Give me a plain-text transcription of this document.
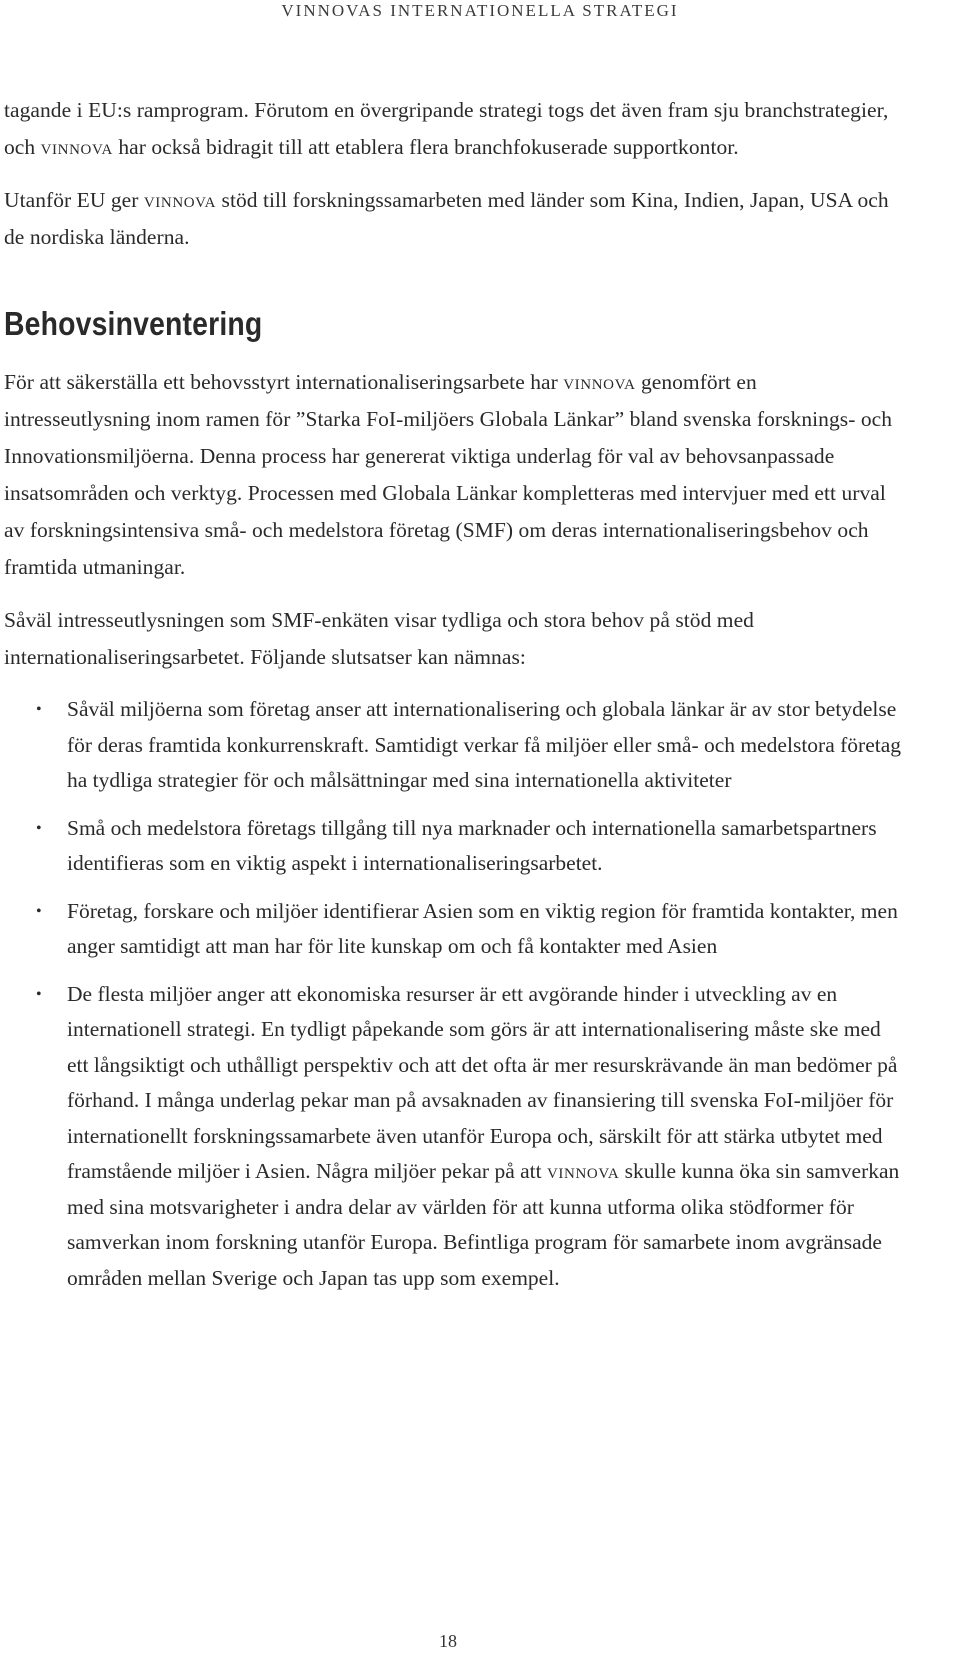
VINNOVAS INTERNATIONELLA STRATEGI

tagande i EU:s ramprogram. Förutom en övergripande strategi togs det även fram sju branchstrategier, och vinnova har också bidragit till att etablera flera branchfokuserade supportkontor.

Utanför EU ger vinnova stöd till forskningssamarbeten med länder som Kina, Indien, Japan, USA och de nordiska länderna.

Behovsinventering

För att säkerställa ett behovsstyrt internationaliseringsarbete har vinnova genomfört en intresseutlysning inom ramen för ”Starka FoI-miljöers Globala Länkar” bland svenska forsknings- och Innovationsmiljöerna. Denna process har genererat viktiga underlag för val av behovsanpassade insatsområden och verktyg. Processen med Globala Länkar kompletteras med intervjuer med ett urval av forskningsintensiva små- och medelstora företag (SMF) om deras internationaliseringsbehov och framtida utmaningar.

Såväl intresseutlysningen som SMF-enkäten visar tydliga och stora behov på stöd med internationaliseringsarbetet. Följande slutsatser kan nämnas:

• Såväl miljöerna som företag anser att internationalisering och globala länkar är av stor betydelse för deras framtida konkurrenskraft. Samtidigt verkar få miljöer eller små- och medelstora företag ha tydliga strategier för och målsättningar med sina internationella aktiviteter
• Små och medelstora företags tillgång till nya marknader och internationella samarbetspartners identifieras som en viktig aspekt i internationaliseringsarbetet.
• Företag, forskare och miljöer identifierar Asien som en viktig region för framtida kontakter, men anger samtidigt att man har för lite kunskap om och få kontakter med Asien
• De flesta miljöer anger att ekonomiska resurser är ett avgörande hinder i utveckling av en internationell strategi. En tydligt påpekande som görs är att internationalisering måste ske med ett långsiktigt och uthålligt perspektiv och att det ofta är mer resurskrävande än man bedömer på förhand. I många underlag pekar man på avsaknaden av finansiering till svenska FoI-miljöer för internationellt forskningssamarbete även utanför Europa och, särskilt för att stärka utbytet med framstående miljöer i Asien. Några miljöer pekar på att vinnova skulle kunna öka sin samverkan med sina motsvarigheter i andra delar av världen för att kunna utforma olika stödformer för samverkan inom forskning utanför Europa. Befintliga program för samarbete inom avgränsade områden mellan Sverige och Japan tas upp som exempel.
18
